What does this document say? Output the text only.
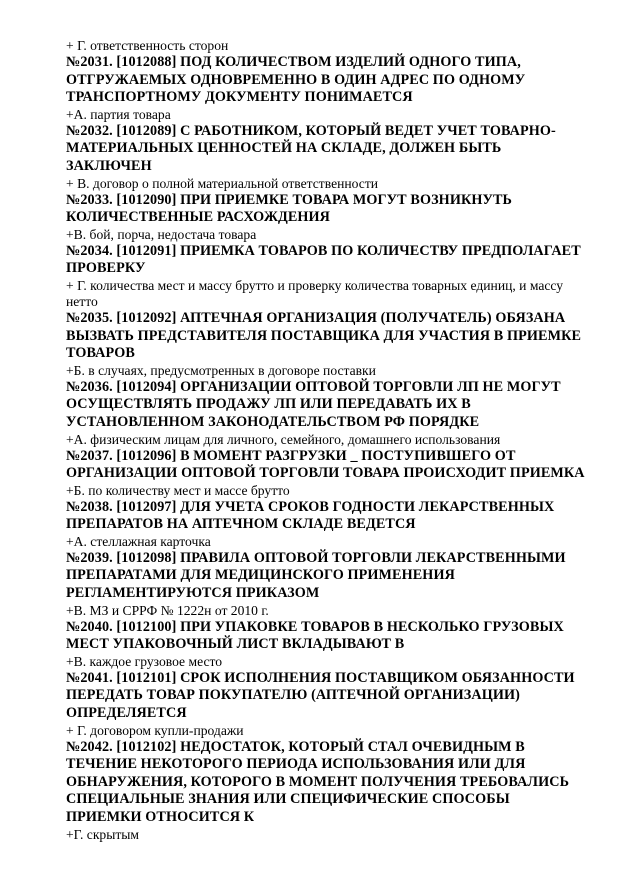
+ Г. ответственность сторон
№2031. [1012088] ПОД КОЛИЧЕСТВОМ ИЗДЕЛИЙ ОДНОГО ТИПА, ОТГРУЖАЕМЫХ ОДНОВРЕМЕННО В ОДИН АДРЕС ПО ОДНОМУ ТРАНСПОРТНОМУ ДОКУМЕНТУ ПОНИМАЕТСЯ
+А. партия товара
№2032. [1012089] С РАБОТНИКОМ, КОТОРЫЙ ВЕДЕТ УЧЕТ ТОВАРНО-МАТЕРИАЛЬНЫХ ЦЕННОСТЕЙ НА СКЛАДЕ, ДОЛЖЕН БЫТЬ ЗАКЛЮЧЕН
+ В. договор о полной материальной ответственности
№2033. [1012090] ПРИ ПРИЕМКЕ ТОВАРА МОГУТ ВОЗНИКНУТЬ КОЛИЧЕСТВЕННЫЕ РАСХОЖДЕНИЯ
+В. бой, порча, недостача товара
№2034. [1012091] ПРИЕМКА ТОВАРОВ ПО КОЛИЧЕСТВУ ПРЕДПОЛАГАЕТ ПРОВЕРКУ
+ Г. количества мест и массу брутто и проверку количества товарных единиц, и массу нетто
№2035. [1012092] АПТЕЧНАЯ ОРГАНИЗАЦИЯ (ПОЛУЧАТЕЛЬ) ОБЯЗАНА ВЫЗВАТЬ ПРЕДСТАВИТЕЛЯ ПОСТАВЩИКА ДЛЯ УЧАСТИЯ В ПРИЕМКЕ ТОВАРОВ
+Б. в случаях, предусмотренных в договоре поставки
№2036. [1012094] ОРГАНИЗАЦИИ ОПТОВОЙ ТОРГОВЛИ ЛП НЕ МОГУТ ОСУЩЕСТВЛЯТЬ ПРОДАЖУ ЛП ИЛИ ПЕРЕДАВАТЬ ИХ В УСТАНОВЛЕННОМ ЗАКОНОДАТЕЛЬСТВОМ РФ ПОРЯДКЕ
+А. физическим лицам для личного, семейного, домашнего использования
№2037. [1012096] В МОМЕНТ РАЗГРУЗКИ _ ПОСТУПИВШЕГО ОТ ОРГАНИЗАЦИИ ОПТОВОЙ ТОРГОВЛИ ТОВАРА ПРОИСХОДИТ ПРИЕМКА
+Б. по количеству мест и массе брутто
№2038. [1012097] ДЛЯ УЧЕТА СРОКОВ ГОДНОСТИ ЛЕКАРСТВЕННЫХ ПРЕПАРАТОВ НА АПТЕЧНОМ СКЛАДЕ ВЕДЕТСЯ
+А. стеллажная карточка
№2039. [1012098] ПРАВИЛА ОПТОВОЙ ТОРГОВЛИ ЛЕКАРСТВЕННЫМИ ПРЕПАРАТАМИ ДЛЯ МЕДИЦИНСКОГО ПРИМЕНЕНИЯ РЕГЛАМЕНТИРУЮТСЯ ПРИКАЗОМ
+В. МЗ и СРРФ № 1222н от 2010 г.
№2040. [1012100] ПРИ УПАКОВКЕ ТОВАРОВ В НЕСКОЛЬКО ГРУЗОВЫХ МЕСТ УПАКОВОЧНЫЙ ЛИСТ ВКЛАДЫВАЮТ В
+В. каждое грузовое место
№2041. [1012101] СРОК ИСПОЛНЕНИЯ ПОСТАВЩИКОМ ОБЯЗАННОСТИ ПЕРЕДАТЬ ТОВАР ПОКУПАТЕЛЮ (АПТЕЧНОЙ ОРГАНИЗАЦИИ) ОПРЕДЕЛЯЕТСЯ
+ Г. договором купли-продажи
№2042. [1012102] НЕДОСТАТОК, КОТОРЫЙ СТАЛ ОЧЕВИДНЫМ В ТЕЧЕНИЕ НЕКОТОРОГО ПЕРИОДА ИСПОЛЬЗОВАНИЯ ИЛИ ДЛЯ ОБНАРУЖЕНИЯ, КОТОРОГО В МОМЕНТ ПОЛУЧЕНИЯ ТРЕБОВАЛИСЬ СПЕЦИАЛЬНЫЕ ЗНАНИЯ ИЛИ СПЕЦИФИЧЕСКИЕ СПОСОБЫ ПРИЕМКИ ОТНОСИТСЯ К
+Г. скрытым
